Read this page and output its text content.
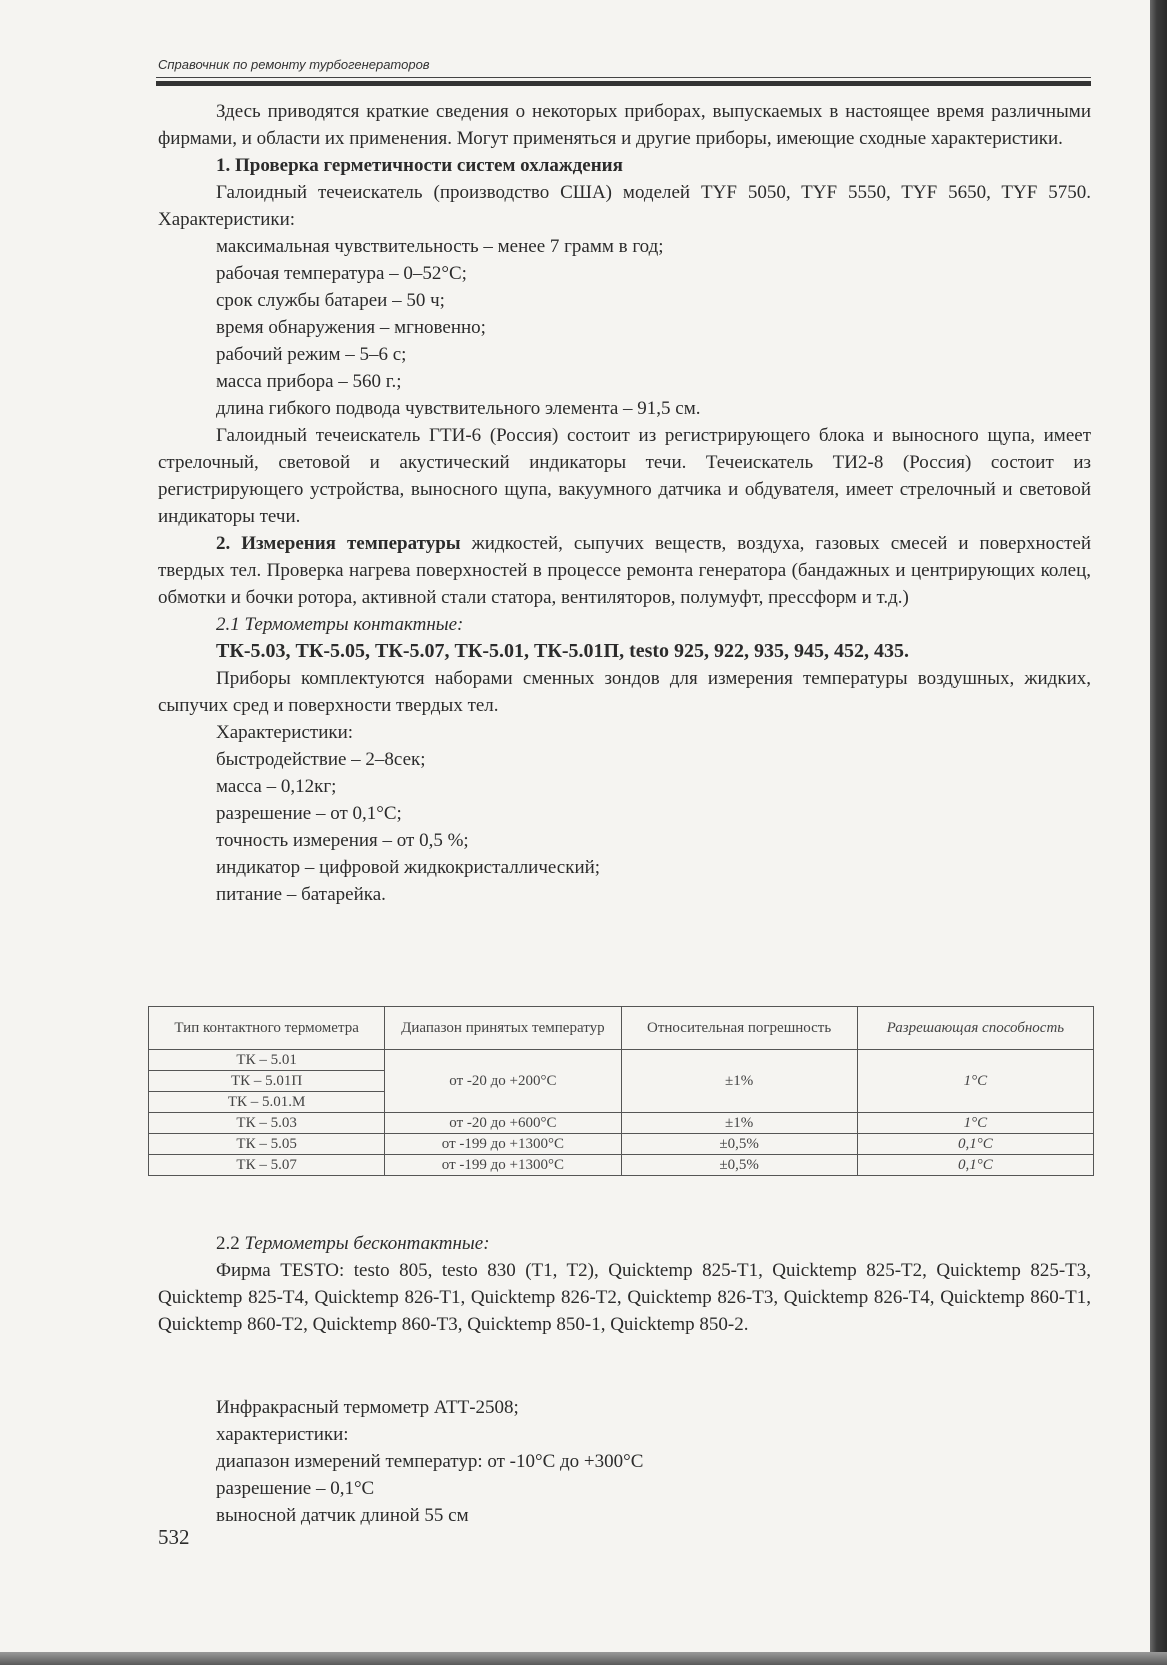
Справочник по ремонту турбогенераторов

Здесь приводятся краткие сведения о некоторых приборах, выпускаемых в настоящее время различными фирмами, и области их применения. Могут применяться и другие приборы, имеющие сходные характеристики.

1. Проверка герметичности систем охлаждения

Галоидный течеискатель (производство США) моделей TYF 5050, TYF 5550, TYF 5650, TYF 5750. Характеристики:

максимальная чувствительность – менее 7 грамм в год;

рабочая температура – 0–52°С;

срок службы батареи – 50 ч;

время обнаружения – мгновенно;

рабочий режим – 5–6 с;

масса прибора – 560 г.;

длина гибкого подвода чувствительного элемента – 91,5 см.

Галоидный течеискатель ГТИ-6 (Россия) состоит из регистрирующего блока и выносного щупа, имеет стрелочный, световой и акустический индикаторы течи. Течеискатель ТИ2-8 (Россия) состоит из регистрирующего устройства, выносного щупа, вакуумного датчика и обдувателя, имеет стрелочный и световой индикаторы течи.

2. Измерения температуры жидкостей, сыпучих веществ, воздуха, газовых смесей и поверхностей твердых тел. Проверка нагрева поверхностей в процессе ремонта генератора (бандажных и центрирующих колец, обмотки и бочки ротора, активной стали статора, вентиляторов, полумуфт, прессформ и т.д.)

2.1 Термометры контактные:

ТК-5.03, ТК-5.05, ТК-5.07, ТК-5.01, ТК-5.01П, testo 925, 922, 935, 945, 452, 435.

Приборы комплектуются наборами сменных зондов для измерения температуры воздушных, жидких, сыпучих сред и поверхности твердых тел.

Характеристики:

быстродействие – 2–8сек;

масса – 0,12кг;

разрешение – от 0,1°С;

точность измерения – от 0,5 %;

индикатор – цифровой жидкокристаллический;

питание – батарейка.

Тип контактного термометра	Диапазон принятых температур	Относительная погрешность	Разрешающая способность
ТК – 5.01	от -20 до +200°С	±1%	1°С
ТК – 5.01П			
ТК – 5.01.М			
ТК – 5.03	от -20 до +600°С	±1%	1°С
ТК – 5.05	от -199 до +1300°С	±0,5%	0,1°С
ТК – 5.07	от -199 до +1300°С	±0,5%	0,1°С

2.2 Термометры бесконтактные:

Фирма TESTO: testo 805, testo 830 (T1, T2), Quicktemp 825-T1, Quicktemp 825-T2, Quicktemp 825-T3, Quicktemp 825-T4, Quicktemp 826-T1, Quicktemp 826-T2, Quicktemp 826-T3, Quicktemp 826-T4, Quicktemp 860-T1, Quicktemp 860-T2, Quicktemp 860-T3, Quicktemp 850-1, Quicktemp 850-2.

Инфракрасный термометр АТТ-2508;

характеристики:

диапазон измерений температур: от -10°С до +300°С

разрешение – 0,1°С

выносной датчик длиной 55 см

532
